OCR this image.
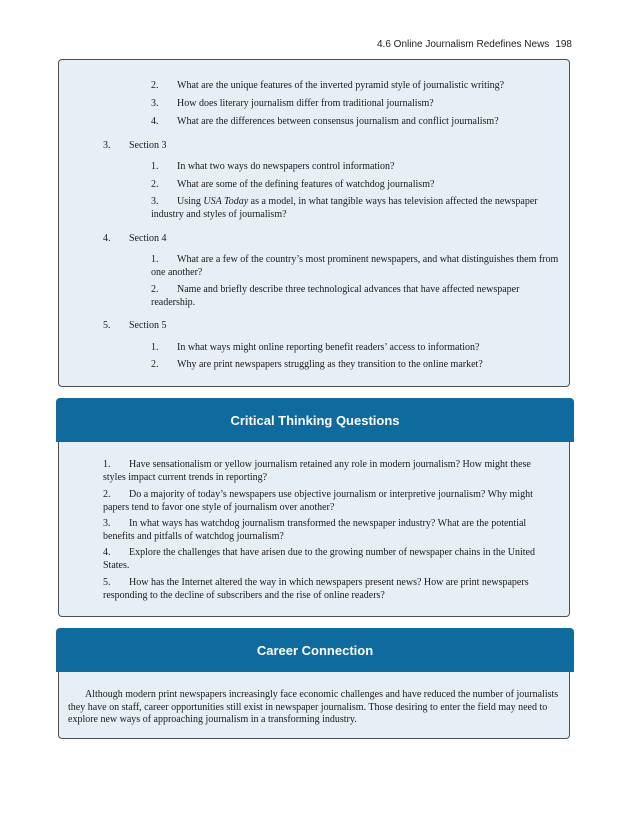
4.6 Online Journalism Redefines News 198
2.	What are the unique features of the inverted pyramid style of journalistic writing?
3.	How does literary journalism differ from traditional journalism?
4.	What are the differences between consensus journalism and conflict journalism?
3. Section 3
1.	In what two ways do newspapers control information?
2.	What are some of the defining features of watchdog journalism?
3.	Using USA Today as a model, in what tangible ways has television affected the newspaper industry and styles of journalism?
4. Section 4
1.	What are a few of the country’s most prominent newspapers, and what distinguishes them from one another?
2.	Name and briefly describe three technological advances that have affected newspaper readership.
5. Section 5
1.	In what ways might online reporting benefit readers’ access to information?
2.	Why are print newspapers struggling as they transition to the online market?
Critical Thinking Questions
1.	Have sensationalism or yellow journalism retained any role in modern journalism? How might these styles impact current trends in reporting?
2.	Do a majority of today’s newspapers use objective journalism or interpretive journalism? Why might papers tend to favor one style of journalism over another?
3.	In what ways has watchdog journalism transformed the newspaper industry? What are the potential benefits and pitfalls of watchdog journalism?
4.	Explore the challenges that have arisen due to the growing number of newspaper chains in the United States.
5.	How has the Internet altered the way in which newspapers present news? How are print newspapers responding to the decline of subscribers and the rise of online readers?
Career Connection
Although modern print newspapers increasingly face economic challenges and have reduced the number of journalists they have on staff, career opportunities still exist in newspaper journalism. Those desiring to enter the field may need to explore new ways of approaching journalism in a transforming industry.
